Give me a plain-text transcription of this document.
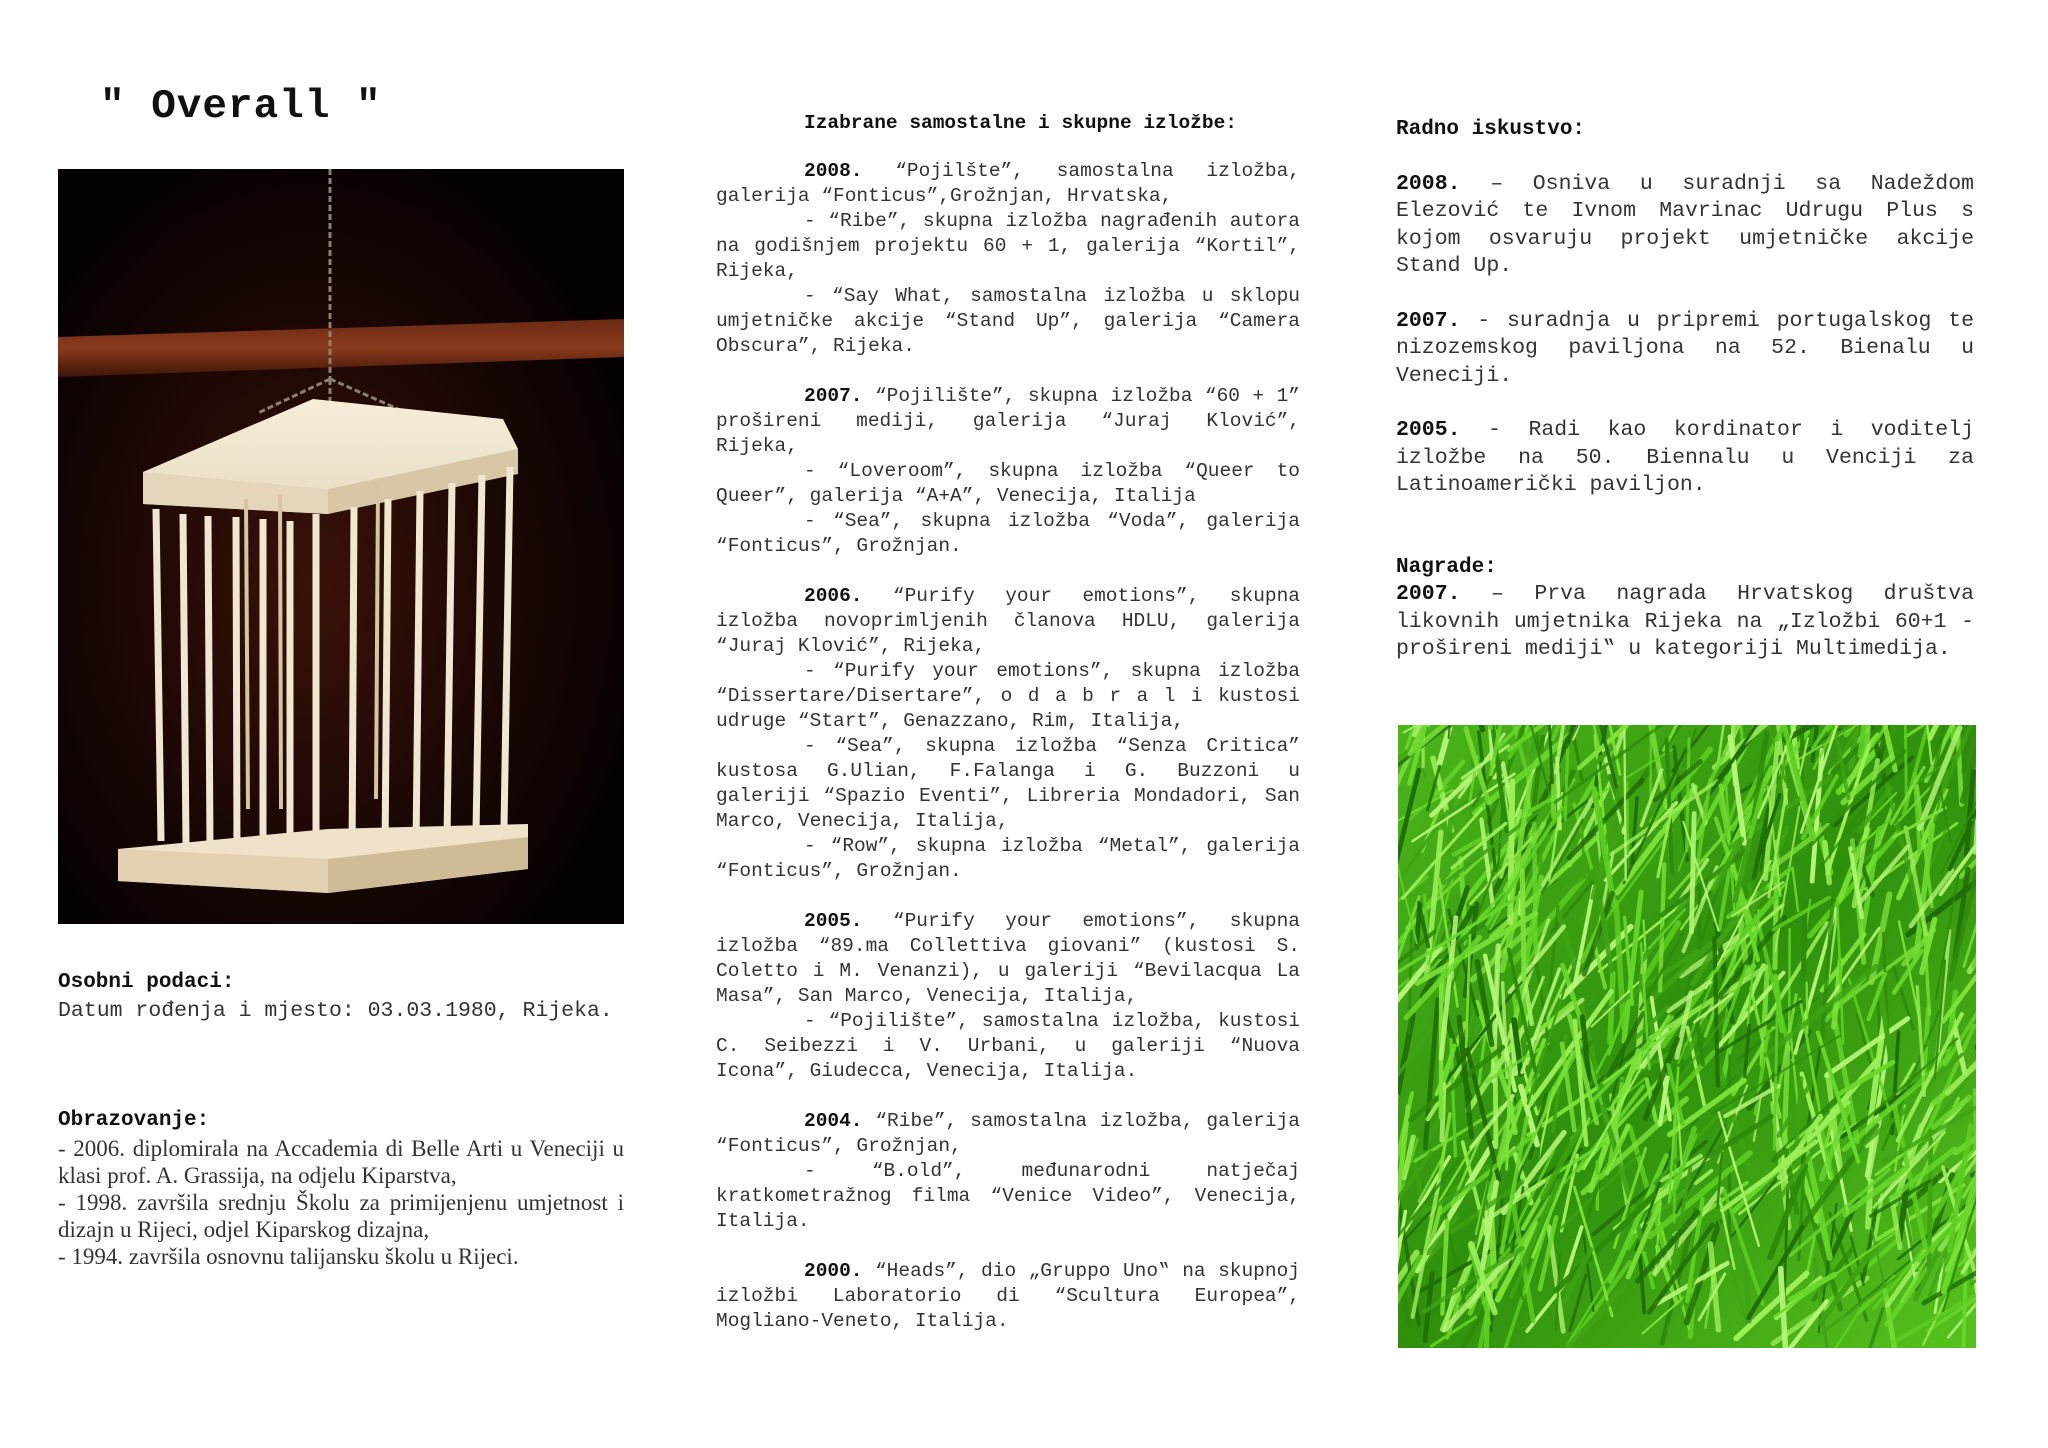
" Overall "
Osobni podaci:
Datum rođenja i mjesto: 03.03.1980, Rijeka.
Obrazovanje:
- 2006. diplomirala na Accademia di Belle Arti u Veneciji u klasi prof. A. Grassija, na odjelu Kiparstva,
- 1998. završila srednju Školu za primijenjenu umjetnost i dizajn u Rijeci, odjel Kiparskog dizajna,
- 1994. završila osnovnu talijansku školu u Rijeci.
Izabrane samostalne i skupne izložbe:

2008. “Pojilšte”, samostalna izložba, galerija “Fonticus”,Grožnjan, Hrvatska,
- “Ribe”, skupna izložba nagrađenih autora na godišnjem projektu 60 + 1, galerija “Kortil”, Rijeka,
- “Say What, samostalna izložba u sklopu umjetničke akcije “Stand Up”, galerija “Camera Obscura”, Rijeka.

2007. “Pojilište”, skupna izložba “60 + 1” prošireni mediji, galerija “Juraj Klović”, Rijeka,
- “Loveroom”, skupna izložba “Queer to Queer”, galerija “A+A”, Venecija, Italija
- “Sea”, skupna izložba “Voda”, galerija “Fonticus”, Grožnjan.

2006. “Purify your emotions”, skupna izložba novoprimljenih članova HDLU, galerija “Juraj Klović”, Rijeka,
- “Purify your emotions”, skupna izložba “Dissertare/Disertare”, o d a b r a l i kustosi udruge “Start”, Genazzano, Rim, Italija,
- “Sea”, skupna izložba “Senza Critica” kustosa G.Ulian, F.Falanga i G. Buzzoni u galeriji “Spazio Eventi”, Libreria Mondadori, San Marco, Venecija, Italija,
- “Row”, skupna izložba “Metal”, galerija “Fonticus”, Grožnjan.

2005. “Purify your emotions”, skupna izložba “89.ma Collettiva giovani” (kustosi S. Coletto i M. Venanzi), u galeriji “Bevilacqua La Masa”, San Marco, Venecija, Italija,
- “Pojilište”, samostalna izložba, kustosi C. Seibezzi i V. Urbani, u galeriji “Nuova Icona”, Giudecca, Venecija, Italija.

2004. “Ribe”, samostalna izložba, galerija “Fonticus”, Grožnjan,
- “B.old”, međunarodni natječaj kratkometražnog filma “Venice Video”, Venecija, Italija.

2000. “Heads”, dio „Gruppo Uno‟ na skupnoj izložbi Laboratorio di “Scultura Europea”, Mogliano-Veneto, Italija.

Radno iskustvo:

2008. – Osniva u suradnji sa Nadeždom Elezović te Ivnom Mavrinac Udrugu Plus s kojom osvaruju projekt umjetničke akcije Stand Up.

2007. - suradnja u pripremi portugalskog te nizozemskog paviljona na 52. Bienalu u Veneciji.

2005. - Radi kao kordinator i voditelj izložbe na 50. Biennalu u Venciji za Latinoamerički paviljon.

Nagrade:

2007. – Prva nagrada Hrvatskog društva likovnih umjetnika Rijeka na „Izložbi 60+1 - prošireni mediji‟ u kategoriji Multimedija.
